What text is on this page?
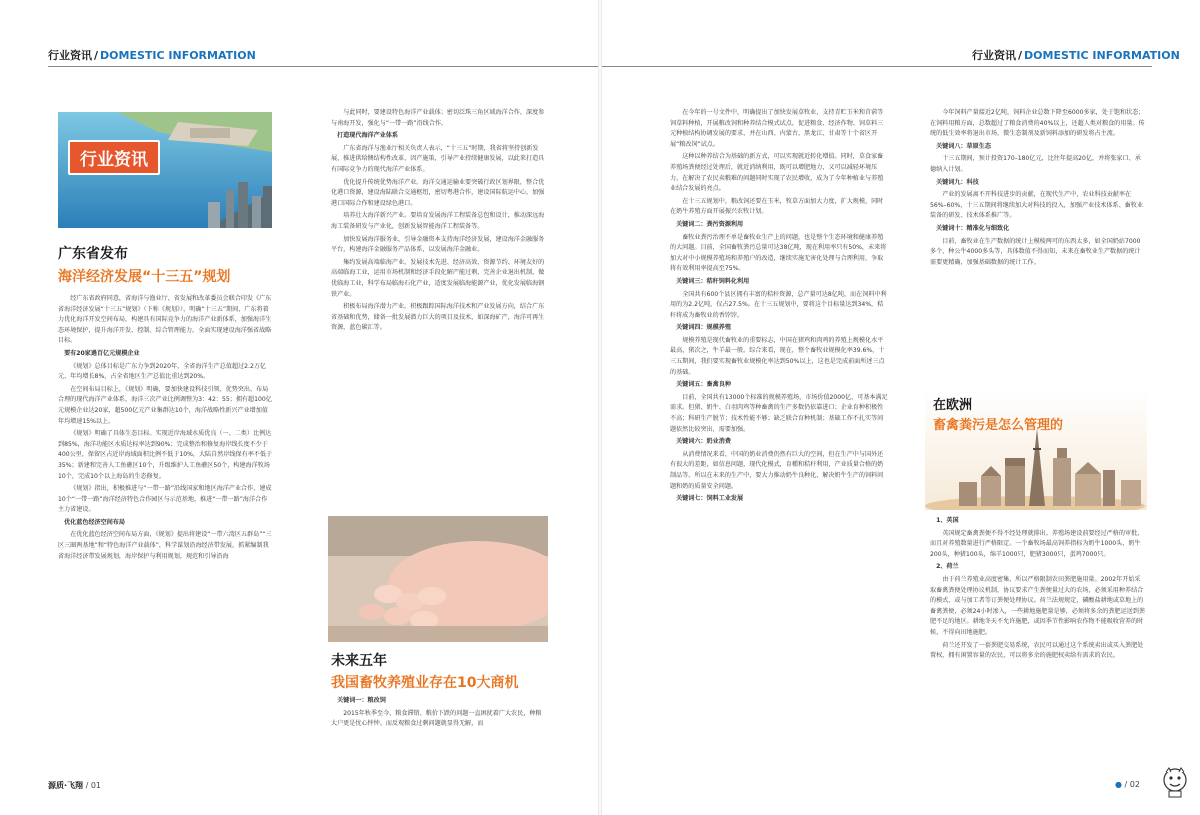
行业资讯 / DOMESTIC INFORMATION
行业资讯
广东省发布
海洋经济发展“十三五”规划

经广东省政府同意，省海洋与渔业厅、省发展和改革委员会联合印发《广东省海洋经济发展“十三五”规划》（下称《规划》），明确“十三五”期间，广东将着力优化海洋开发空间布局，构建具有国际竞争力的海洋产业新体系，加强海洋生态环境保护，提升海洋开发、控制、综合管理能力，全面实现建设海洋强省战略目标。

要有20家過百亿元规模企业

《规划》总体目标是广东力争到2020年，全省海洋生产总值超过2.2万亿元，年均增长8%，占全省地区生产总值比重达到20%。

在空间布局目标上，《规划》明确，要加快建设科技引领、优势突出、布局合理的现代海洋产业体系，海洋三次产业比例调整为3：42：55；拥有超100亿元规模企业达20家，超500亿元产业集群达10个，海洋战略性新兴产业增加值年均增速15%以上。

《规划》明确了具体生态目标。实现近岸海域水质优良（一、二类）比例达到85%，海洋功能区水质达标率达到90%；完成整治和修复海岸线长度不少于400公里，保留区占近岸海域面积比例不低于10%，大陆自然岸线保有率不低于35%；新建和完善人工鱼礁区10个，升级维护人工鱼礁区50个，构建海洋牧场10个，完成10个以上海岛的生态修复。

《规划》指出，积极推进与“一带一路”沿线国家和地区海洋产业合作，建成10个“一带一路”海洋经济特色合作园区与示范基地，推进“一带一路”海洋合作主力省建设。

优化蓝色经济空间布局

在优化蓝色经济空间布局方面，《规划》提出将建设“一带六湾区五群岛”“三区三圈两基地”和“特色海洋产业载体”，科学谋划沿海经济带发展，抓紧编制我省海洋经济带发展规划，海岸保护与利用规划，规范和引导沿海

与此同时，要建设特色海洋产业载体；密切泛珠三角区域海洋合作，深度参与南海开发，强化与“一带一路”沿线合作。

打造现代海洋产业体系

广东省海洋与渔业厅相关负责人表示，“十三五”时期，我省将坚持创新发展，推进供给侧结构性改革，因产施策，引导产业持续健康发展，以此来打造具有国际竞争力的现代海洋产业体系。

优化提升传统优势海洋产业。海洋交通运输业要突破行政区划界限，整合优化港口资源，建设海陆联合交通枢纽，密切粤港合作，建设国际航运中心，加强港口国际合作和建设绿色港口。

培养壮大海洋新兴产业。要培育发展海洋工程装备总包和设计，推动深远海海工装备研发与产业化，创新发展智能海洋工程装备等。

加快发展海洋服务业，引导金融资本支持海洋经济发展，建设海洋金融服务平台，构建海洋金融服务产品体系，以发展海洋金融业。

集约发展高端临海产业。发展技术先进、经济高效、资源节约、环境友好的高端临海工业，运用市场机制和经济手段化解产能过剩，完善企业退出机制，做优临海工业，科学布局临海石化产业，适度发展临海能源产业，优化发展临海钢铁产业。

积极布局海洋潜力产业。积极跟踪国际海洋技术和产业发展方向，结合广东省基础和优势，储备一批发展潜力巨大的项目及技术，如深海矿产，海洋可再生资源，蓝色碳汇等。

未来五年
我国畜牧养殖业存在10大商机

关键词一：粮改饲

2015年秋季至今，粮食滞销、粮价下跌的问题一直困扰着广大农民，种粮大户更是忧心忡忡。而反观粮食过剩问题就显得无解，而

源质·飞翔 / 01
行业资讯 / DOMESTIC INFORMATION

在今年的一号文件中，明确提出了加快发展草牧业，支持青贮玉米和苜蓿等饲草料种植，开展粮改饲和种养结合模式试点，促进粮食、经济作物、饲草料三元种植结构协调发展的要求，并在山西、内蒙古、黑龙江、甘肃等十个省区开展“粮改饲”试点。

这种以种养结合为基础的新方式，可以实现就近转化增值。同时，草食家畜养殖场粪便经过处理后，就近消纳利用，既可以增肥地力，又可以减轻环境压力，在解决了农民卖粮难的问题同时实现了农民增收，成为了今年种植业与养殖业结合发展的亮点。

在十三五规划中，粮改饲还要在玉米，牧草方面加大力度，扩大规模，同时在奶牛养殖方面开展振兴农牧计划。

关键词二：粪污资源利用

畜牧业粪污治理不单是畜牧业生产上的问题，也是整个生态环境和健康养殖的大问题。目前，全国畜牧粪污总量可达38亿吨，现在利用率只有50%，未来将加大对中小规模养殖场和养殖户的改造，继续实施无害化处理与合理利用，争取将有效利用率提高至75%。

关键词三：秸秆饲料化利用

全国共有600个县区拥有丰富的秸秆资源，总产量可达8亿吨，而在饲料中利用的为2.2亿吨，仅占27.5%。在十三五规划中，要将这个目标量达到34%，秸秆将成为畜牧业的香饽饽。

关键词四：规模养殖

规模养殖是现代畜牧业的重要标志，中国在猪鸡和肉鸡的养殖上规模化水平最高，猪次之，牛羊最一般。综合来看，现在，整个畜牧业规模化率39.6%，十三五期间，我们要实现畜牧业规模化率达到50%以上，这也是完成前面所述三点的基础。

关键词五：畜禽良种

目前，全国共有13000个标准的规模养殖场，市场价值2000亿，可基本满足需求。但猪、奶牛、白羽肉鸡等种畜禽的生产多数仍依靠进口；企业育种积极性不高；科研生产脱节；技术性能不够；缺乏联合育种机制；基础工作不扎实等问题依然比较突出，需要加强。

关键词六：奶业消费

从消费情况来看，中国的奶业消费仍然有巨大的空间，但在生产中与国外还有很大的差距，如信息问题，现代化模式，育種和秸秆利用，产业质量合格的奶制品等。所以在未来的生产中，要大力推动奶牛良种化，解决奶牛生产的饲料问题和奶的质量安全问题。

关键词七：饲料工业发展

今年饲料产量接近2亿吨，饲料企业总数下降至6000多家，处于饱和状态；在饲料用粮方面，总数超过了粮食消费的40%以上，还超人类对粮食的用量。传统的低生效率将退出市场，微生态制剂及新饲料添加的研发将占主流。

关键词八：草原生态

十三五期间，预计投资170–180亿元，比往年提高20亿，并将张家口、承德纳入计划。

关键词九：科技

产业的发展离不开科技进步的贡献，在现代生产中，农业科技贡献率在56%–60%，十三五期间将继续加大对科技的投入，加强产业技术体系、畜牧业装备的研发、技术体系推广等。

关键词十：精准化与细致化

目前，畜牧业在生产数据的统计上模棱两可的东西太多，如全国奶站7000多个，种公牛4000多头等，具体数值不得而知，未来在畜牧业生产数据的统计需要更精确，加强基础数据的统计工作。

在欧洲
畜禽粪污是怎么管理的

1、英国

英国规定畜禽粪便不得不经处理就排出。养殖场建设前要经过严格的审批，而且对养殖数量进行严格限定。一个畜牧场最高饲养指标为奶牛1000头，奶牛200头，种猪100头，绵羊1000只，肥猪3000只，蛋鸡7000只。

2、荷兰

由于荷兰养殖业高度密集，所以严格限制农田粪肥施用量。2002年开始采取畜禽粪便处理协议机制，协议要求产生粪便量过大的农场，必须采用种养结合的模式，或与加工者等订粪便处理协议。荷兰法规规定，磷酸盐耕地或草地上的畜禽粪便，必须24小时渗入，一些耕地施肥量是够，必须将多余的粪肥运送到粪肥不足的地区。耕地冬天不允许施肥，或因季节性影响农作物不能吸收营养的时候，不得向田地施肥。

荷兰还开发了一套粪肥交易系统，农民可以通过这个系统卖出或买入粪肥处置权，拥有闲置容量的农民，可以将多余的施肥权卖给有需求的农民。

● / 02
